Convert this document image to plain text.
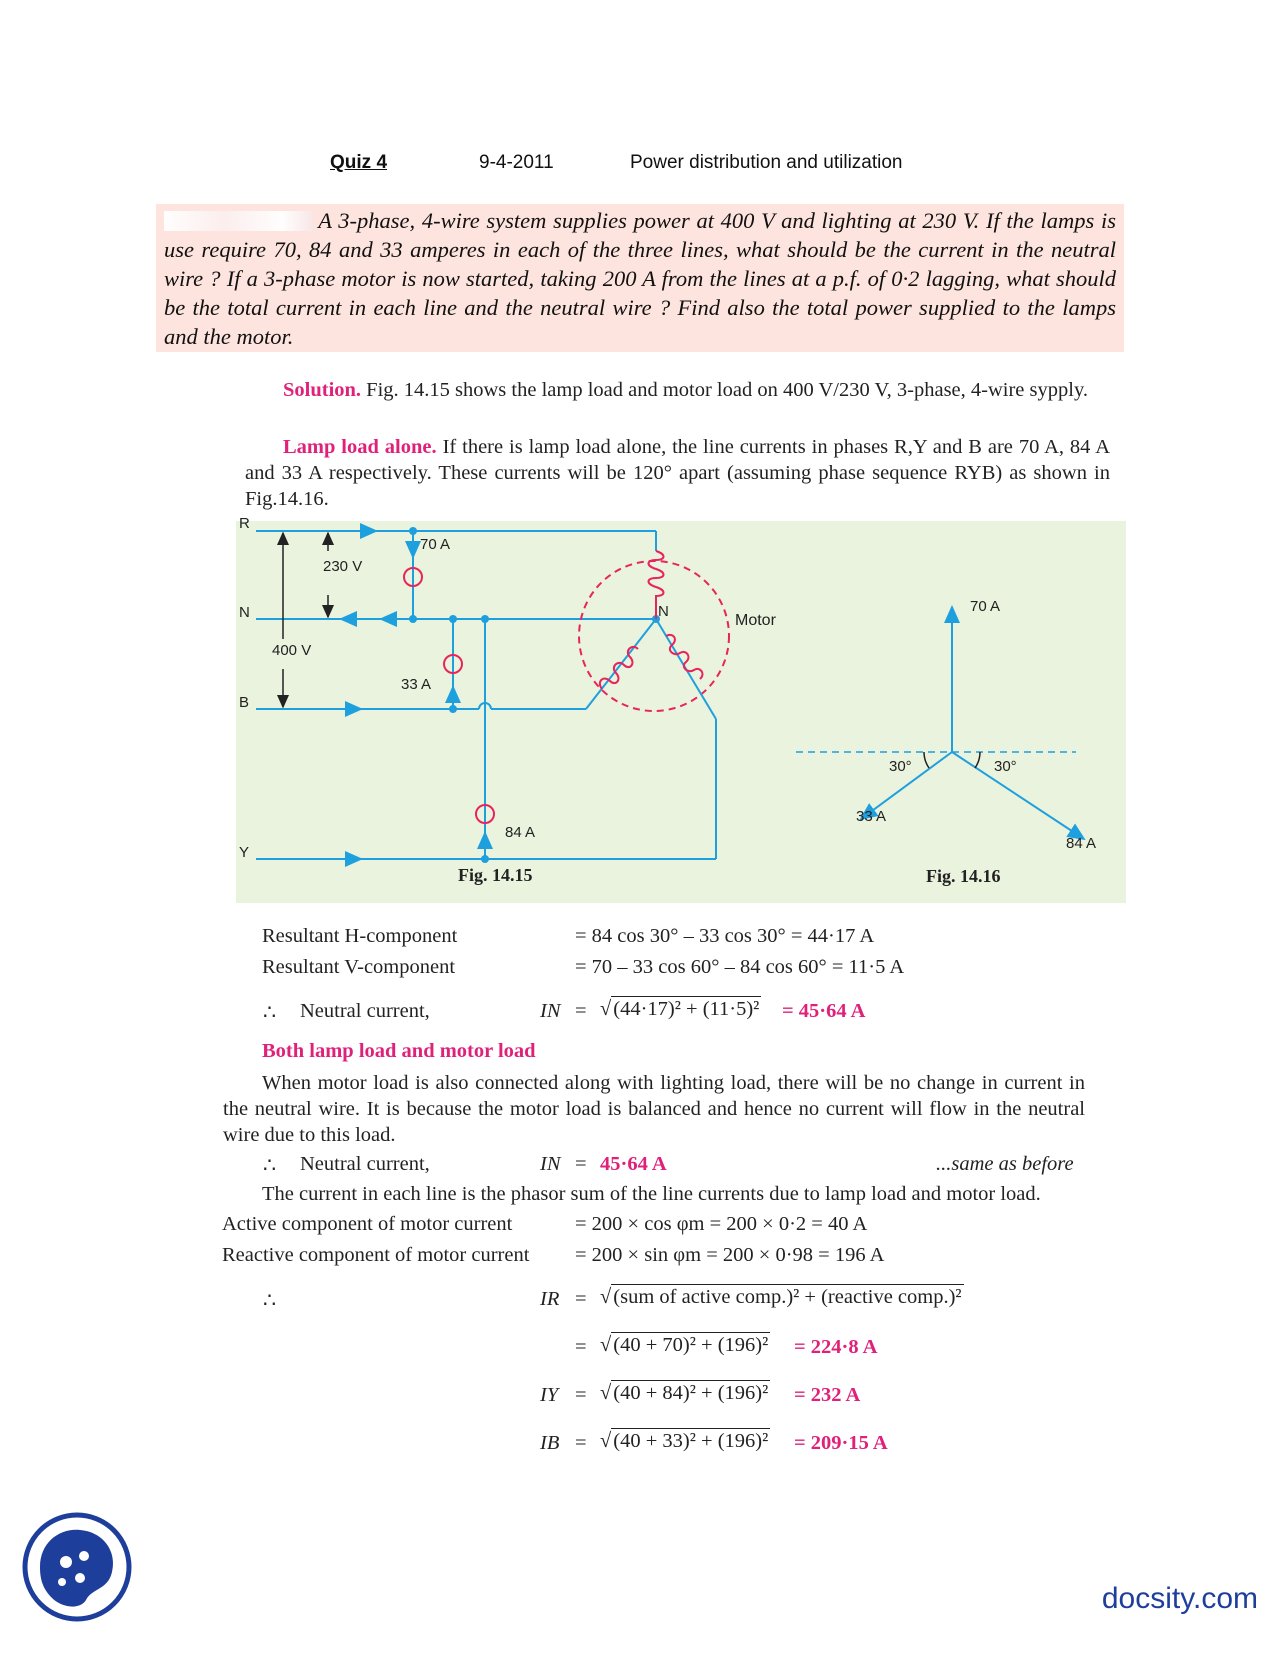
Quiz 4	9-4-2011	Power distribution and utilization
A 3-phase, 4-wire system supplies power at 400 V and lighting at 230 V. If the lamps is use require 70, 84 and 33 amperes in each of the three lines, what should be the current in the neutral wire ? If a 3-phase motor is now started, taking 200 A from the lines at a p.f. of 0·2 lagging, what should be the total current in each line and the neutral wire ? Find also the total power supplied to the lamps and the motor.
Solution. Fig. 14.15 shows the lamp load and motor load on 400 V/230 V, 3-phase, 4-wire sypply.
Lamp load alone. If there is lamp load alone, the line currents in phases R,Y and B are 70 A, 84 A and 33 A respectively. These currents will be 120° apart (assuming phase sequence RYB) as shown in Fig.14.16.
R
N
B
Y
230 V
400 V
70 A
33 A
84 A
N
Motor
Fig. 14.15
70 A
33 A
84 A
30°	30°
Fig. 14.16
Resultant H-component	= 84 cos 30° – 33 cos 30° = 44·17 A
Resultant V-component	= 70 – 33 cos 60° – 84 cos 60° = 11·5 A
∴ Neutral current,	IN = √(44·17)² + (11·5)² = 45·64 A
Both lamp load and motor load
When motor load is also connected along with lighting load, there will be no change in current in the neutral wire. It is because the motor load is balanced and hence no current will flow in the neutral wire due to this load.
∴ Neutral current,	IN = 45·64 A	...same as before
The current in each line is the phasor sum of the line currents due to lamp load and motor load.
Active component of motor current	= 200 × cos φm = 200 × 0·2 = 40 A
Reactive component of motor current = 200 × sin φm = 200 × 0·98 = 196 A
∴	IR = √(sum of active comp.)² + (reactive comp.)²
= √(40 + 70)² + (196)² = 224·8 A
IY = √(40 + 84)² + (196)² = 232 A
IB = √(40 + 33)² + (196)² = 209·15 A
docsity.com
